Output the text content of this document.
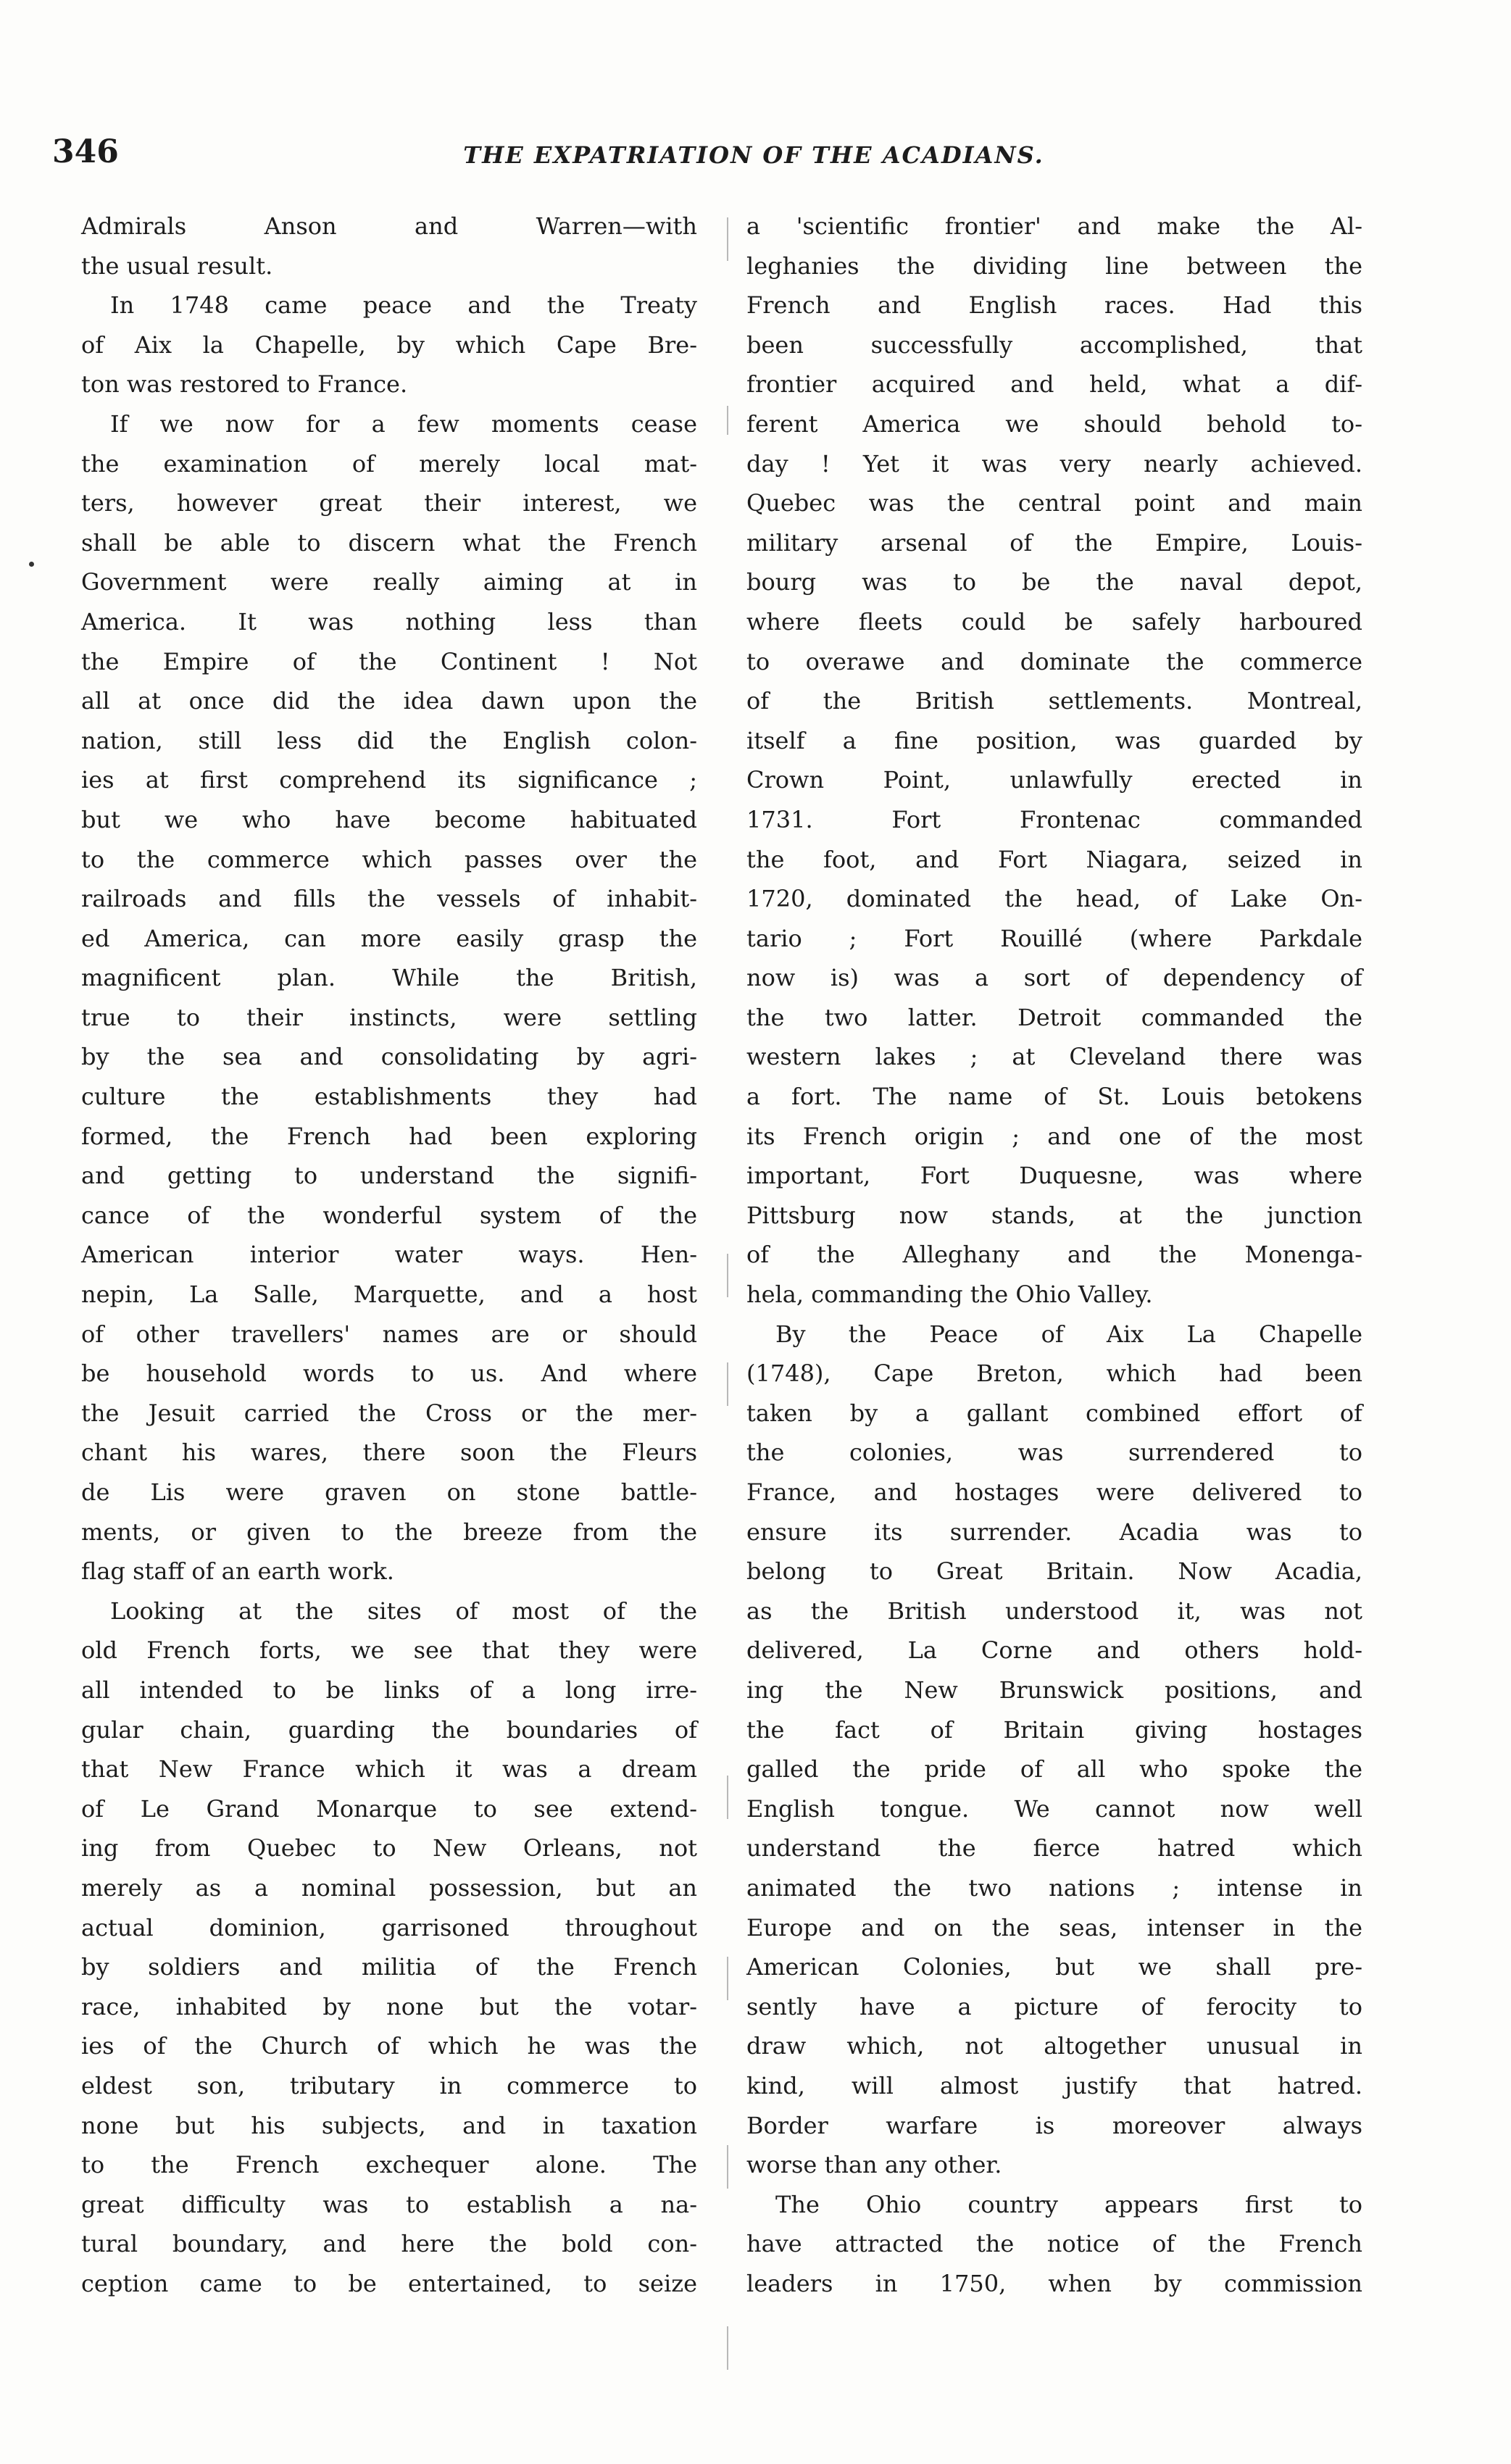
346	THE EXPATRIATION OF THE ACADIANS.
Admirals Anson and Warren—with
the usual result.
In 1748 came peace and the Treaty
of Aix la Chapelle, by which Cape Bre-
ton was restored to France.
If we now for a few moments cease
the examination of merely local mat-
ters, however great their interest, we
shall be able to discern what the French
Government were really aiming at in
America. It was nothing less than
the Empire of the Continent ! Not
all at once did the idea dawn upon the
nation, still less did the English colon-
ies at first comprehend its significance ;
but we who have become habituated
to the commerce which passes over the
railroads and fills the vessels of inhabit-
ed America, can more easily grasp the
magnificent plan. While the British,
true to their instincts, were settling
by the sea and consolidating by agri-
culture the establishments they had
formed, the French had been exploring
and getting to understand the signifi-
cance of the wonderful system of the
American interior water ways. Hen-
nepin, La Salle, Marquette, and a host
of other travellers' names are or should
be household words to us. And where
the Jesuit carried the Cross or the mer-
chant his wares, there soon the Fleurs
de Lis were graven on stone battle-
ments, or given to the breeze from the
flag staff of an earth work.
Looking at the sites of most of the
old French forts, we see that they were
all intended to be links of a long irre-
gular chain, guarding the boundaries of
that New France which it was a dream
of Le Grand Monarque to see extend-
ing from Quebec to New Orleans, not
merely as a nominal possession, but an
actual dominion, garrisoned throughout
by soldiers and militia of the French
race, inhabited by none but the votar-
ies of the Church of which he was the
eldest son, tributary in commerce to
none but his subjects, and in taxation
to the French exchequer alone. The
great difficulty was to establish a na-
tural boundary, and here the bold con-
ception came to be entertained, to seize
a 'scientific frontier' and make the Al-
leghanies the dividing line between the
French and English races. Had this
been successfully accomplished, that
frontier acquired and held, what a dif-
ferent America we should behold to-
day ! Yet it was very nearly achieved.
Quebec was the central point and main
military arsenal of the Empire, Louis-
bourg was to be the naval depot,
where fleets could be safely harboured
to overawe and dominate the commerce
of the British settlements. Montreal,
itself a fine position, was guarded by
Crown Point, unlawfully erected in
1731. Fort Frontenac commanded
the foot, and Fort Niagara, seized in
1720, dominated the head, of Lake On-
tario ; Fort Rouillé (where Parkdale
now is) was a sort of dependency of
the two latter. Detroit commanded the
western lakes ; at Cleveland there was
a fort. The name of St. Louis betokens
its French origin ; and one of the most
important, Fort Duquesne, was where
Pittsburg now stands, at the junction
of the Alleghany and the Monenga-
hela, commanding the Ohio Valley.
By the Peace of Aix La Chapelle
(1748), Cape Breton, which had been
taken by a gallant combined effort of
the colonies, was surrendered to
France, and hostages were delivered to
ensure its surrender. Acadia was to
belong to Great Britain. Now Acadia,
as the British understood it, was not
delivered, La Corne and others hold-
ing the New Brunswick positions, and
the fact of Britain giving hostages
galled the pride of all who spoke the
English tongue. We cannot now well
understand the fierce hatred which
animated the two nations ; intense in
Europe and on the seas, intenser in the
American Colonies, but we shall pre-
sently have a picture of ferocity to
draw which, not altogether unusual in
kind, will almost justify that hatred.
Border warfare is moreover always
worse than any other.
The Ohio country appears first to
have attracted the notice of the French
leaders in 1750, when by commission
